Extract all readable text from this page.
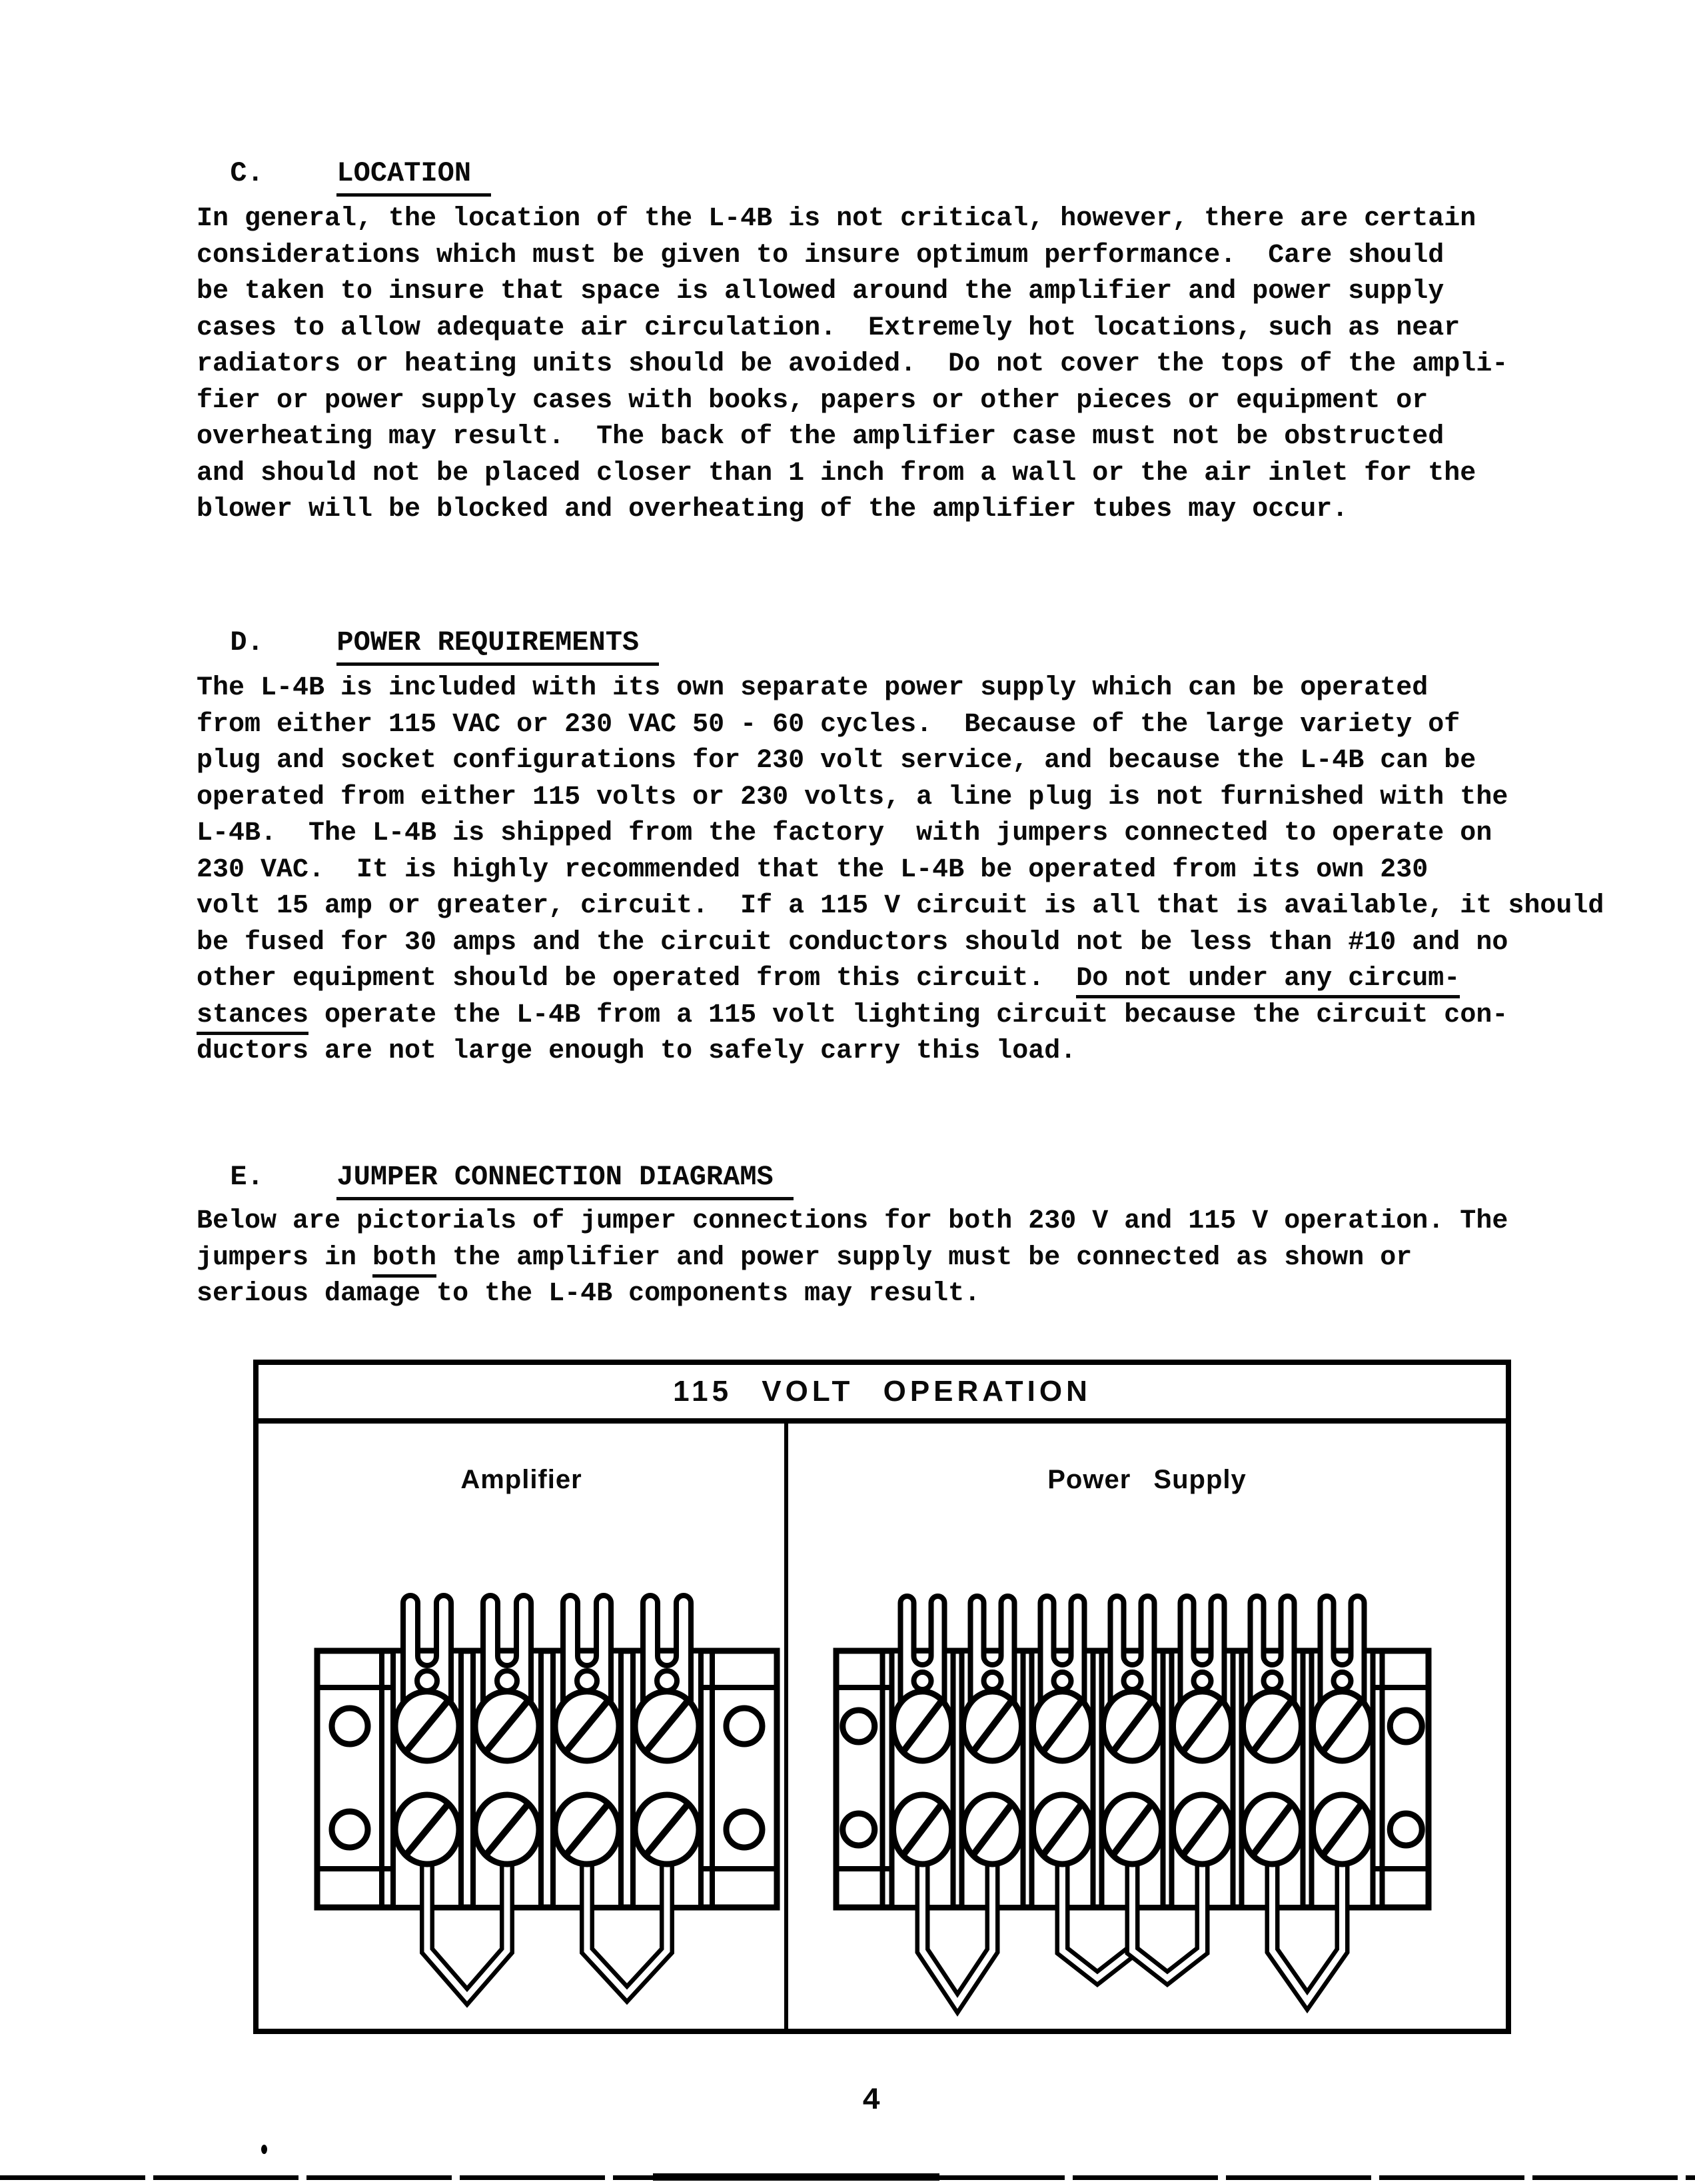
C.	LOCATION

In general, the location of the L-4B is not critical, however, there are certain
considerations which must be given to insure optimum performance.  Care should
be taken to insure that space is allowed around the amplifier and power supply
cases to allow adequate air circulation.  Extremely hot locations, such as near
radiators or heating units should be avoided.  Do not cover the tops of the ampli-
fier or power supply cases with books, papers or other pieces or equipment or
overheating may result.  The back of the amplifier case must not be obstructed
and should not be placed closer than 1 inch from a wall or the air inlet for the
blower will be blocked and overheating of the amplifier tubes may occur.

D.	POWER REQUIREMENTS

The L-4B is included with its own separate power supply which can be operated
from either 115 VAC or 230 VAC 50 - 60 cycles.  Because of the large variety of
plug and socket configurations for 230 volt service, and because the L-4B can be
operated from either 115 volts or 230 volts, a line plug is not furnished with the
L-4B.  The L-4B is shipped from the factory  with jumpers connected to operate on
230 VAC.  It is highly recommended that the L-4B be operated from its own 230
volt 15 amp or greater, circuit.  If a 115 V circuit is all that is available, it should
be fused for 30 amps and the circuit conductors should not be less than #10 and no
other equipment should be operated from this circuit.  Do not under any circum-
stances operate the L-4B from a 115 volt lighting circuit because the circuit con-
ductors are not large enough to safely carry this load.

E.	JUMPER CONNECTION DIAGRAMS

Below are pictorials of jumper connections for both 230 V and 115 V operation. The
jumpers in both the amplifier and power supply must be connected as shown or
serious damage to the L-4B components may result.
115 VOLT OPERATION
Amplifier	Power Supply
4
